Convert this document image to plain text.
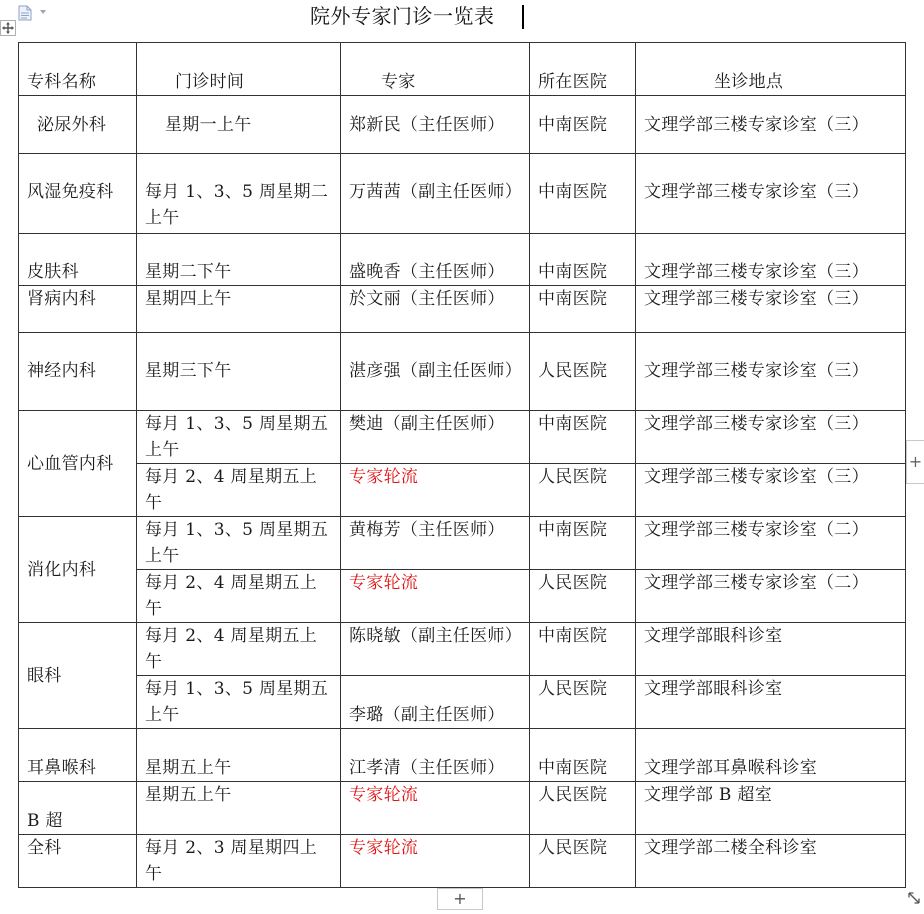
院外专家门诊一览表
专科名称	门诊时间	专家	所在医院	坐诊地点
泌尿外科	星期一上午	郑新民（主任医师）	中南医院	文理学部三楼专家诊室（三）
风湿免疫科	每月 1、3、5 周星期二上午	万茜茜（副主任医师）	中南医院	文理学部三楼专家诊室（三）
皮肤科	星期二下午	盛晚香（主任医师）	中南医院	文理学部三楼专家诊室（三）
肾病内科	星期四上午	於文丽（主任医师）	中南医院	文理学部三楼专家诊室（三）
神经内科	星期三下午	湛彦强（副主任医师）	人民医院	文理学部三楼专家诊室（三）
心血管内科	每月 1、3、5 周星期五上午	樊迪（副主任医师）	中南医院	文理学部三楼专家诊室（三）
	每月 2、4 周星期五上午	专家轮流	人民医院	文理学部三楼专家诊室（三）
消化内科	每月 1、3、5 周星期五上午	黄梅芳（主任医师）	中南医院	文理学部三楼专家诊室（二）
	每月 2、4 周星期五上午	专家轮流	人民医院	文理学部三楼专家诊室（二）
眼科	每月 2、4 周星期五上午	陈晓敏（副主任医师）	中南医院	文理学部眼科诊室
	每月 1、3、5 周星期五上午	李璐（副主任医师）	人民医院	文理学部眼科诊室
耳鼻喉科	星期五上午	江孝清（主任医师）	中南医院	文理学部耳鼻喉科诊室
B 超	星期五上午	专家轮流	人民医院	文理学部 B 超室
全科	每月 2、3 周星期四上午	专家轮流	人民医院	文理学部二楼全科诊室
+
+
